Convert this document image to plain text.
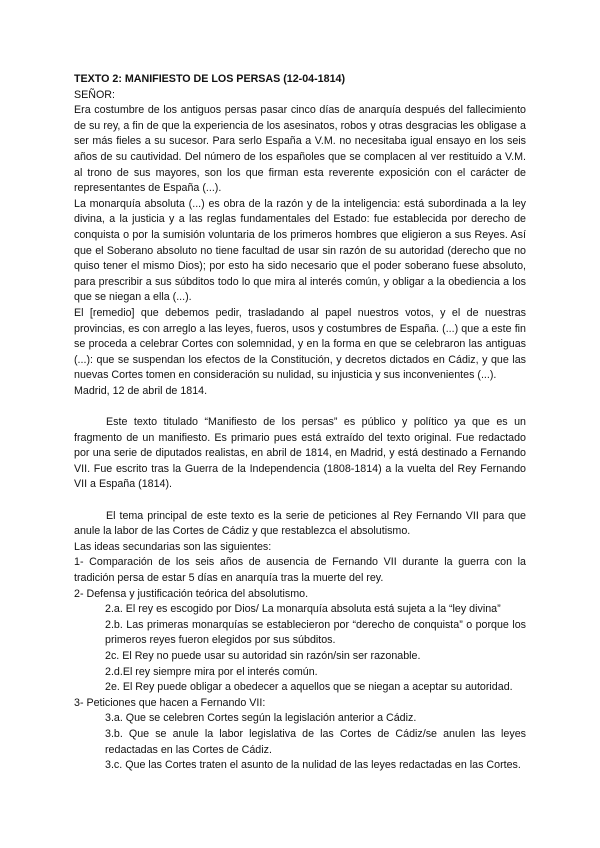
TEXTO 2: MANIFIESTO DE LOS PERSAS (12-04-1814)

SEÑOR:

Era costumbre de los antiguos persas pasar cinco días de anarquía después del fallecimiento de su rey, a fin de que la experiencia de los asesinatos, robos y otras desgracias les obligase a ser más fieles a su sucesor. Para serlo España a V.M. no necesitaba igual ensayo en los seis años de su cautividad. Del número de los españoles que se complacen al ver restituido a V.M. al trono de sus mayores, son los que firman esta reverente exposición con el carácter de representantes de España (...).

La monarquía absoluta (...) es obra de la razón y de la inteligencia: está subordinada a la ley divina, a la justicia y a las reglas fundamentales del Estado: fue establecida por derecho de conquista o por la sumisión voluntaria de los primeros hombres que eligieron a sus Reyes. Así que el Soberano absoluto no tiene facultad de usar sin razón de su autoridad (derecho que no quiso tener el mismo Dios); por esto ha sido necesario que el poder soberano fuese absoluto, para prescribir a sus súbditos todo lo que mira al interés común, y obligar a la obediencia a los que se niegan a ella (...).

El [remedio] que debemos pedir, trasladando al papel nuestros votos, y el de nuestras provincias, es con arreglo a las leyes, fueros, usos y costumbres de España. (...) que a este fin se proceda a celebrar Cortes con solemnidad, y en la forma en que se celebraron las antiguas (...): que se suspendan los efectos de la Constitución, y decretos dictados en Cádiz, y que las nuevas Cortes tomen en consideración su nulidad, su injusticia y sus inconvenientes (...).

Madrid, 12 de abril de 1814.

Este texto titulado “Manifiesto de los persas” es público y político ya que es un fragmento de un manifiesto. Es primario pues está extraído del texto original. Fue redactado por una serie de diputados realistas, en abril de 1814, en Madrid, y está destinado a Fernando VII. Fue escrito tras la Guerra de la Independencia (1808-1814) a la vuelta del Rey Fernando VII a España (1814).

El tema principal de este texto es la serie de peticiones al Rey Fernando VII para que anule la labor de las Cortes de Cádiz y que restablezca el absolutismo.

Las ideas secundarias son las siguientes:

1- Comparación de los seis años de ausencia de Fernando VII durante la guerra con la tradición persa de estar 5 días en anarquía tras la muerte del rey.

2- Defensa y justificación teórica del absolutismo.

2.a. El rey es escogido por Dios/ La monarquía absoluta está sujeta a la “ley divina”

2.b. Las primeras monarquías se establecieron por “derecho de conquista” o porque los primeros reyes fueron elegidos por sus súbditos.

2c. El Rey no puede usar su autoridad sin razón/sin ser razonable.

2.d.El rey siempre mira por el interés común.

2e. El Rey puede obligar a obedecer a aquellos que se niegan a aceptar su autoridad.

3- Peticiones que hacen a Fernando VII:

3.a. Que se celebren Cortes según la legislación anterior a Cádiz.

3.b. Que se anule la labor legislativa de las Cortes de Cádiz/se anulen las leyes redactadas en las Cortes de Cádiz.

3.c. Que las Cortes traten el asunto de la nulidad de las leyes redactadas en las Cortes.
